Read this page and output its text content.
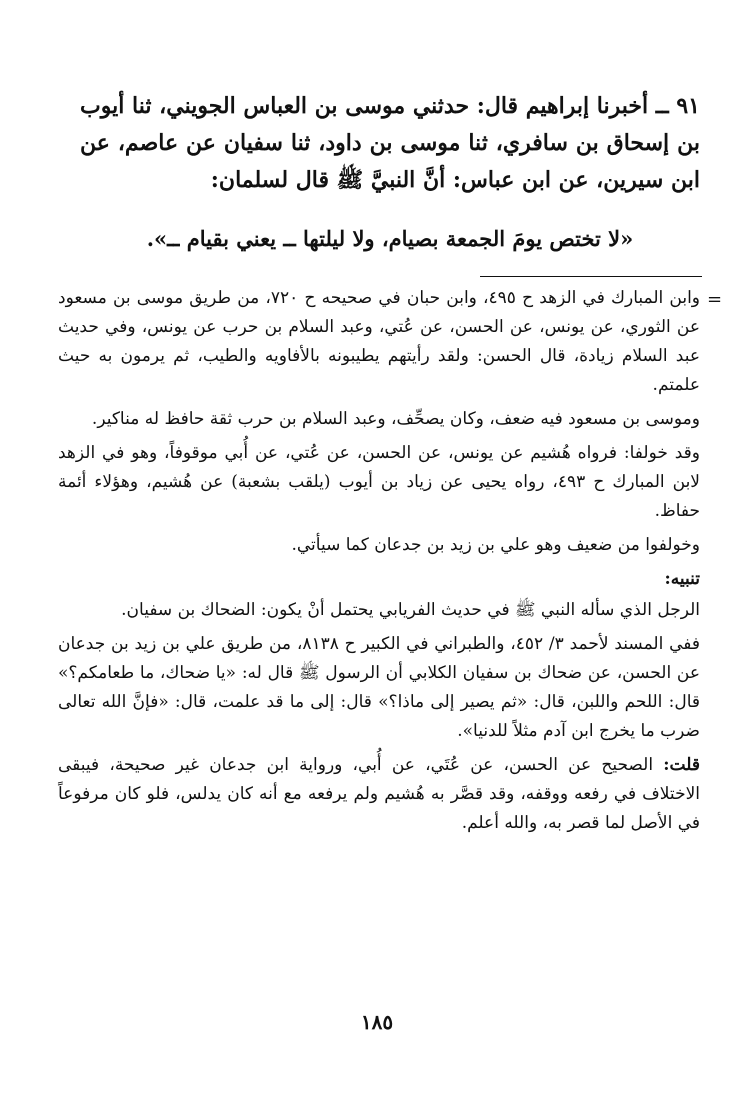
٩١ ــ أخبرنا إبراهيم قال: حدثني موسى بن العباس الجويني، ثنا أيوب بن إسحاق بن سافري، ثنا موسى بن داود، ثنا سفيان عن عاصم، عن ابن سيرين، عن ابن عباس: أنَّ النبيَّ ﷺ قال لسلمان:

«لا تختص يومَ الجمعة بصيام، ولا ليلتها ــ يعني بقيام ــ».
=

وابن المبارك في الزهد ح ٤٩٥، وابن حبان في صحيحه ح ٧٢٠، من طريق موسى بن مسعود عن الثوري، عن يونس، عن الحسن، عن عُتي، وعبد السلام بن حرب عن يونس، وفي حديث عبد السلام زيادة، قال الحسن: ولقد رأيتهم يطيبونه بالأفاويه والطيب، ثم يرمون به حيث علمتم.

وموسى بن مسعود فيه ضعف، وكان يصحِّف، وعبد السلام بن حرب ثقة حافظ له مناكير.

وقد خولفا: فرواه هُشيم عن يونس، عن الحسن، عن عُتي، عن أُبي موقوفاً، وهو في الزهد لابن المبارك ح ٤٩٣، رواه يحيى عن زياد بن أيوب (يلقب بشعبة) عن هُشيم، وهؤلاء أئمة حفاظ.

وخولفوا من ضعيف وهو علي بن زيد بن جدعان كما سيأتي.

تنبيه:

الرجل الذي سأله النبي ﷺ في حديث الفريابي يحتمل أنْ يكون: الضحاك بن سفيان.

ففي المسند لأحمد ٣/ ٤٥٢، والطبراني في الكبير ح ٨١٣٨، من طريق علي بن زيد بن جدعان عن الحسن، عن ضحاك بن سفيان الكلابي أن الرسول ﷺ قال له: «يا ضحاك، ما طعامكم؟» قال: اللحم واللبن، قال: «ثم يصير إلى ماذا؟» قال: إلى ما قد علمت، قال: «فإنَّ الله تعالى ضرب ما يخرج ابن آدم مثلاً للدنيا».

قلت: الصحيح عن الحسن، عن عُتَي، عن أُبي، ورواية ابن جدعان غير صحيحة، فيبقى الاختلاف في رفعه ووقفه، وقد قصَّر به هُشيم ولم يرفعه مع أنه كان يدلس، فلو كان مرفوعاً في الأصل لما قصر به، والله أعلم.

١٨٥
